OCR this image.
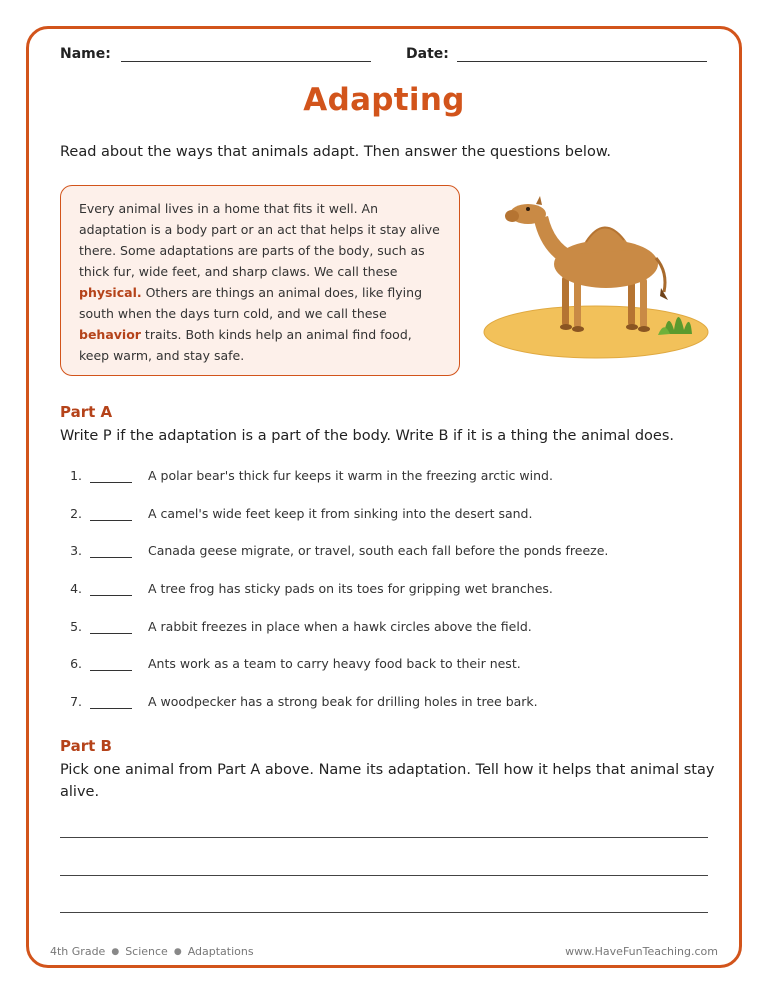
Name:	Date:
Adapting
Read about the ways that animals adapt. Then answer the questions below.
Every animal lives in a home that fits it well. An adaptation is a body part or an act that helps it stay alive there. Some adaptations are parts of the body, such as thick fur, wide feet, and sharp claws. We call these physical. Others are things an animal does, like flying south when the days turn cold, and we call these behavior traits. Both kinds help an animal find food, keep warm, and stay safe.
Part A
Write P if the adaptation is a part of the body. Write B if it is a thing the animal does.
1.	A polar bear's thick fur keeps it warm in the freezing arctic wind.
2.	A camel's wide feet keep it from sinking into the desert sand.
3.	Canada geese migrate, or travel, south each fall before the ponds freeze.
4.	A tree frog has sticky pads on its toes for gripping wet branches.
5.	A rabbit freezes in place when a hawk circles above the field.
6.	Ants work as a team to carry heavy food back to their nest.
7.	A woodpecker has a strong beak for drilling holes in tree bark.
Part B
Pick one animal from Part A above. Name its adaptation. Tell how it helps that animal stay
alive.
4th Grade ● Science ● Adaptations	www.HaveFunTeaching.com
